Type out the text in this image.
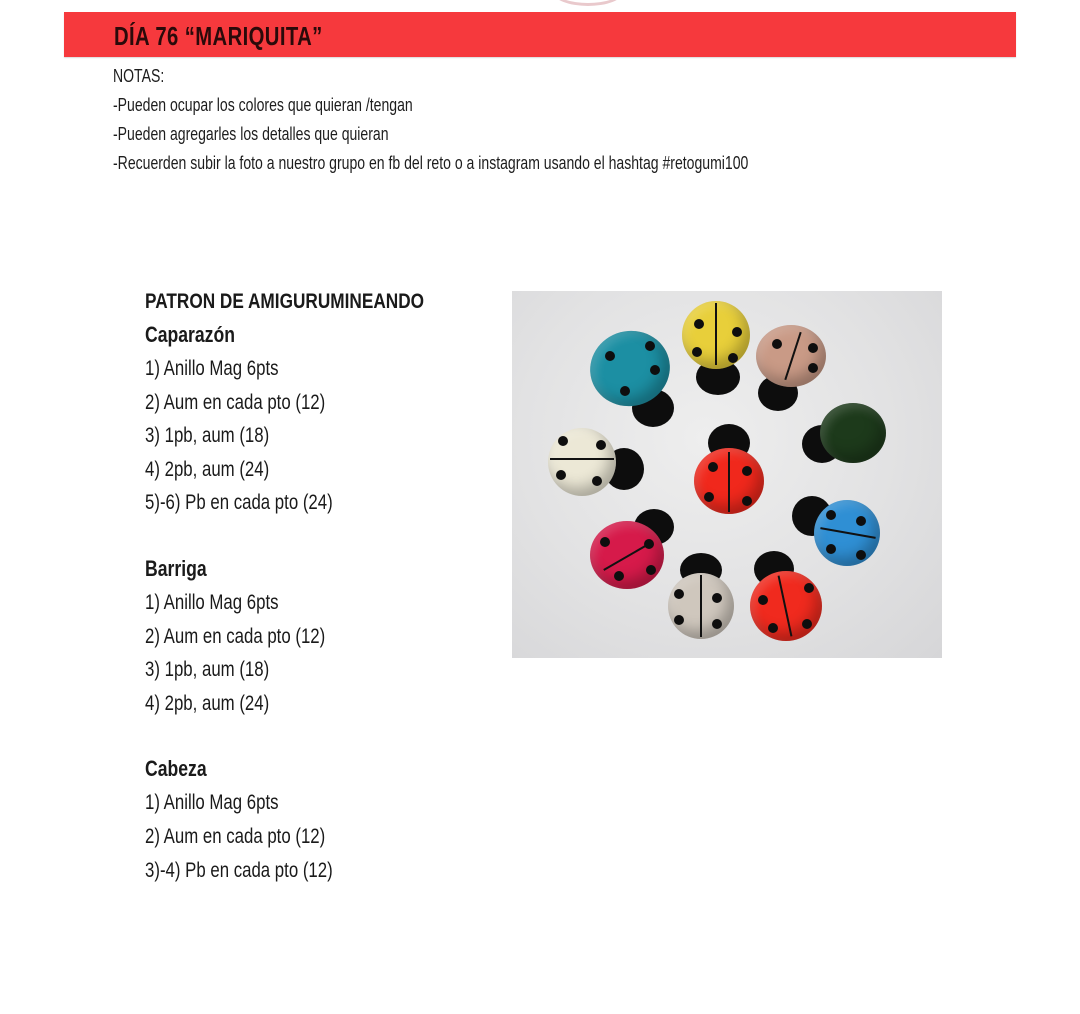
DÍA 76 “MARIQUITA”
NOTAS:
-Pueden ocupar los colores que quieran /tengan
-Pueden agregarles los detalles que quieran
-Recuerden subir la foto a nuestro grupo en fb del reto o a instagram usando el hashtag #retogumi100
PATRON DE AMIGURUMINEANDO
Caparazón
1) Anillo Mag 6pts
2) Aum en cada pto (12)
3) 1pb, aum (18)
4) 2pb, aum (24)
5)-6) Pb en cada pto (24)
Barriga
1) Anillo Mag 6pts
2) Aum en cada pto (12)
3) 1pb, aum (18)
4) 2pb, aum (24)
Cabeza
1) Anillo Mag 6pts
2) Aum en cada pto (12)
3)-4) Pb en cada pto (12)
